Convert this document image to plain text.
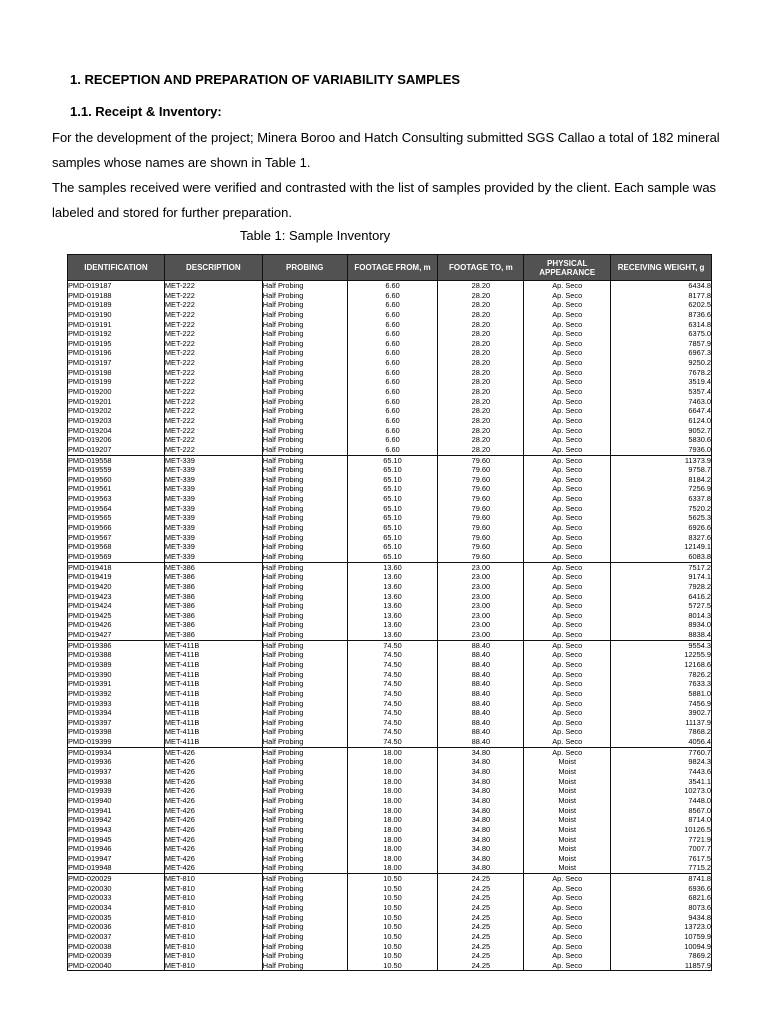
1. RECEPTION AND PREPARATION OF VARIABILITY SAMPLES

1.1. Receipt & Inventory:

For the development of the project; Minera Boroo and Hatch Consulting submitted SGS Callao a total of 182 mineral samples whose names are shown in Table 1.

The samples received were verified and contrasted with the list of samples provided by the client. Each sample was labeled and stored for further preparation.

Table 1: Sample Inventory

IDENTIFICATION	DESCRIPTION	PROBING	FOOTAGE FROM, m	FOOTAGE TO, m	PHYSICAL APPEARANCE	RECEIVING WEIGHT, g
PMD-019187	MET-222	Half Probing	6.60	28.20	Ap. Seco	6434.8
PMD-019188	MET-222	Half Probing	6.60	28.20	Ap. Seco	8177.8
PMD-019189	MET-222	Half Probing	6.60	28.20	Ap. Seco	6202.5
PMD-019190	MET-222	Half Probing	6.60	28.20	Ap. Seco	8736.6
PMD-019191	MET-222	Half Probing	6.60	28.20	Ap. Seco	6314.8
PMD-019192	MET-222	Half Probing	6.60	28.20	Ap. Seco	6375.0
PMD-019195	MET-222	Half Probing	6.60	28.20	Ap. Seco	7857.9
PMD-019196	MET-222	Half Probing	6.60	28.20	Ap. Seco	6967.3
PMD-019197	MET-222	Half Probing	6.60	28.20	Ap. Seco	9250.2
PMD-019198	MET-222	Half Probing	6.60	28.20	Ap. Seco	7678.2
PMD-019199	MET-222	Half Probing	6.60	28.20	Ap. Seco	3519.4
PMD-019200	MET-222	Half Probing	6.60	28.20	Ap. Seco	5357.4
PMD-019201	MET-222	Half Probing	6.60	28.20	Ap. Seco	7463.0
PMD-019202	MET-222	Half Probing	6.60	28.20	Ap. Seco	6647.4
PMD-019203	MET-222	Half Probing	6.60	28.20	Ap. Seco	6124.0
PMD-019204	MET-222	Half Probing	6.60	28.20	Ap. Seco	9052.7
PMD-019206	MET-222	Half Probing	6.60	28.20	Ap. Seco	5830.6
PMD-019207	MET-222	Half Probing	6.60	28.20	Ap. Seco	7936.0
PMD-019558	MET-339	Half Probing	65.10	79.60	Ap. Seco	11373.9
PMD-019559	MET-339	Half Probing	65.10	79.60	Ap. Seco	9758.7
PMD-019560	MET-339	Half Probing	65.10	79.60	Ap. Seco	8184.2
PMD-019561	MET-339	Half Probing	65.10	79.60	Ap. Seco	7256.9
PMD-019563	MET-339	Half Probing	65.10	79.60	Ap. Seco	6337.8
PMD-019564	MET-339	Half Probing	65.10	79.60	Ap. Seco	7520.2
PMD-019565	MET-339	Half Probing	65.10	79.60	Ap. Seco	5625.3
PMD-019566	MET-339	Half Probing	65.10	79.60	Ap. Seco	6926.6
PMD-019567	MET-339	Half Probing	65.10	79.60	Ap. Seco	8327.6
PMD-019568	MET-339	Half Probing	65.10	79.60	Ap. Seco	12149.1
PMD-019569	MET-339	Half Probing	65.10	79.60	Ap. Seco	6083.8
PMD-019418	MET-386	Half Probing	13.60	23.00	Ap. Seco	7517.2
PMD-019419	MET-386	Half Probing	13.60	23.00	Ap. Seco	9174.1
PMD-019420	MET-386	Half Probing	13.60	23.00	Ap. Seco	7928.2
PMD-019423	MET-386	Half Probing	13.60	23.00	Ap. Seco	6416.2
PMD-019424	MET-386	Half Probing	13.60	23.00	Ap. Seco	5727.5
PMD-019425	MET-386	Half Probing	13.60	23.00	Ap. Seco	8014.3
PMD-019426	MET-386	Half Probing	13.60	23.00	Ap. Seco	8934.0
PMD-019427	MET-386	Half Probing	13.60	23.00	Ap. Seco	8838.4
PMD-019386	MET-411B	Half Probing	74.50	88.40	Ap. Seco	9554.3
PMD-019388	MET-411B	Half Probing	74.50	88.40	Ap. Seco	12255.9
PMD-019389	MET-411B	Half Probing	74.50	88.40	Ap. Seco	12168.6
PMD-019390	MET-411B	Half Probing	74.50	88.40	Ap. Seco	7826.2
PMD-019391	MET-411B	Half Probing	74.50	88.40	Ap. Seco	7633.3
PMD-019392	MET-411B	Half Probing	74.50	88.40	Ap. Seco	5881.0
PMD-019393	MET-411B	Half Probing	74.50	88.40	Ap. Seco	7456.9
PMD-019394	MET-411B	Half Probing	74.50	88.40	Ap. Seco	3902.7
PMD-019397	MET-411B	Half Probing	74.50	88.40	Ap. Seco	11137.9
PMD-019398	MET-411B	Half Probing	74.50	88.40	Ap. Seco	7868.2
PMD-019399	MET-411B	Half Probing	74.50	88.40	Ap. Seco	4056.4
PMD-019934	MET-426	Half Probing	18.00	34.80	Ap. Seco	7760.7
PMD-019936	MET-426	Half Probing	18.00	34.80	Moist	9824.3
PMD-019937	MET-426	Half Probing	18.00	34.80	Moist	7443.6
PMD-019938	MET-426	Half Probing	18.00	34.80	Moist	3541.1
PMD-019939	MET-426	Half Probing	18.00	34.80	Moist	10273.0
PMD-019940	MET-426	Half Probing	18.00	34.80	Moist	7448.0
PMD-019941	MET-426	Half Probing	18.00	34.80	Moist	8567.0
PMD-019942	MET-426	Half Probing	18.00	34.80	Moist	8714.0
PMD-019943	MET-426	Half Probing	18.00	34.80	Moist	10126.5
PMD-019945	MET-426	Half Probing	18.00	34.80	Moist	7721.9
PMD-019946	MET-426	Half Probing	18.00	34.80	Moist	7007.7
PMD-019947	MET-426	Half Probing	18.00	34.80	Moist	7617.5
PMD-019948	MET-426	Half Probing	18.00	34.80	Moist	7715.2
PMD-020029	MET-810	Half Probing	10.50	24.25	Ap. Seco	8741.8
PMD-020030	MET-810	Half Probing	10.50	24.25	Ap. Seco	6936.6
PMD-020033	MET-810	Half Probing	10.50	24.25	Ap. Seco	6821.6
PMD-020034	MET-810	Half Probing	10.50	24.25	Ap. Seco	8073.6
PMD-020035	MET-810	Half Probing	10.50	24.25	Ap. Seco	9434.8
PMD-020036	MET-810	Half Probing	10.50	24.25	Ap. Seco	13723.0
PMD-020037	MET-810	Half Probing	10.50	24.25	Ap. Seco	10759.9
PMD-020038	MET-810	Half Probing	10.50	24.25	Ap. Seco	10094.9
PMD-020039	MET-810	Half Probing	10.50	24.25	Ap. Seco	7869.2
PMD-020040	MET-810	Half Probing	10.50	24.25	Ap. Seco	11857.9
